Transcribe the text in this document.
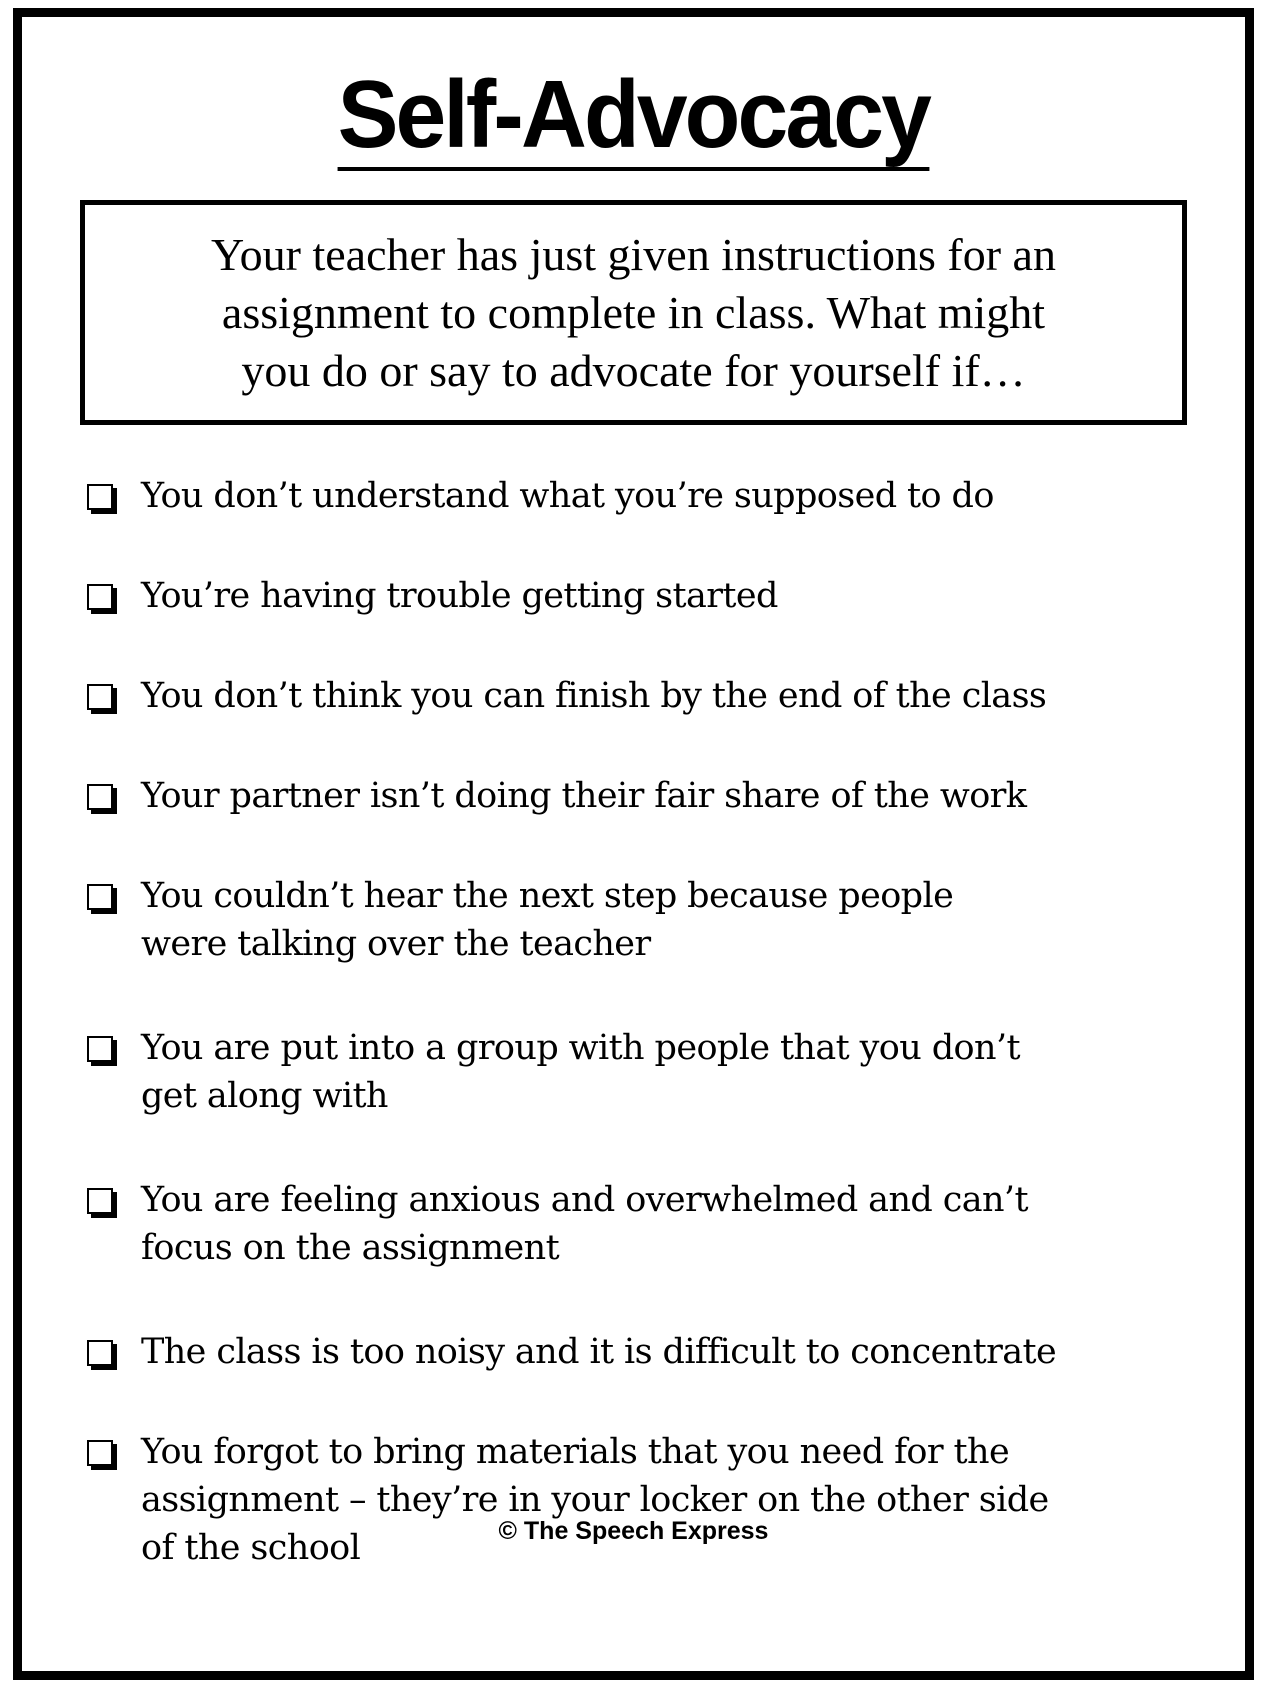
Self-Advocacy

Your teacher has just given instructions for an
assignment to complete in class. What might
you do or say to advocate for yourself if…

You don’t understand what you’re supposed to do
You’re having trouble getting started
You don’t think you can finish by the end of the class
Your partner isn’t doing their fair share of the work
You couldn’t hear the next step because people
were talking over the teacher
You are put into a group with people that you don’t
get along with
You are feeling anxious and overwhelmed and can’t
focus on the assignment
The class is too noisy and it is difficult to concentrate
You forgot to bring materials that you need for the
assignment – they’re in your locker on the other side
of the school	© The Speech Express
